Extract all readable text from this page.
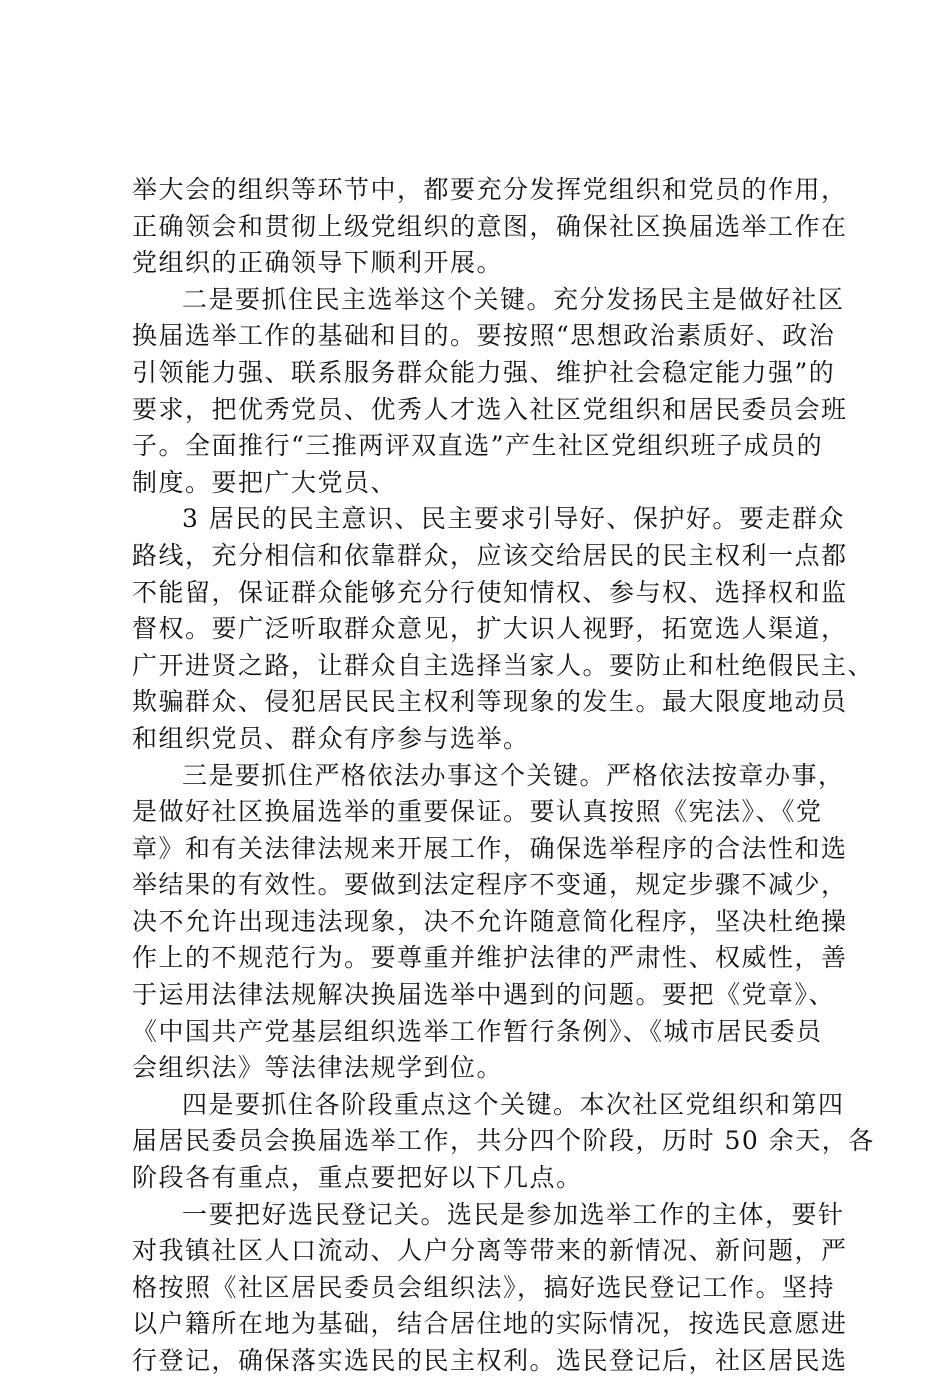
举大会的组织等环节中，都要充分发挥党组织和党员的作用，
正确领会和贯彻上级党组织的意图，确保社区换届选举工作在
党组织的正确领导下顺利开展。
二是要抓住民主选举这个关键。充分发扬民主是做好社区
换届选举工作的基础和目的。要按照“思想政治素质好、政治
引领能力强、联系服务群众能力强、维护社会稳定能力强”的
要求，把优秀党员、优秀人才选入社区党组织和居民委员会班
子。全面推行“三推两评双直选”产生社区党组织班子成员的
制度。要把广大党员、
3 居民的民主意识、民主要求引导好、保护好。要走群众
路线，充分相信和依靠群众，应该交给居民的民主权利一点都
不能留，保证群众能够充分行使知情权、参与权、选择权和监
督权。要广泛听取群众意见，扩大识人视野，拓宽选人渠道，
广开进贤之路，让群众自主选择当家人。要防止和杜绝假民主、
欺骗群众、侵犯居民民主权利等现象的发生。最大限度地动员
和组织党员、群众有序参与选举。
三是要抓住严格依法办事这个关键。严格依法按章办事，
是做好社区换届选举的重要保证。要认真按照《宪法》、《党
章》和有关法律法规来开展工作，确保选举程序的合法性和选
举结果的有效性。要做到法定程序不变通，规定步骤不减少，
决不允许出现违法现象，决不允许随意简化程序，坚决杜绝操
作上的不规范行为。要尊重并维护法律的严肃性、权威性，善
于运用法律法规解决换届选举中遇到的问题。要把《党章》、
《中国共产党基层组织选举工作暂行条例》、《城市居民委员
会组织法》等法律法规学到位。
四是要抓住各阶段重点这个关键。本次社区党组织和第四
届居民委员会换届选举工作，共分四个阶段，历时 50 余天，各
阶段各有重点，重点要把好以下几点。
一要把好选民登记关。选民是参加选举工作的主体，要针
对我镇社区人口流动、人户分离等带来的新情况、新问题，严
格按照《社区居民委员会组织法》，搞好选民登记工作。坚持
以户籍所在地为基础，结合居住地的实际情况，按选民意愿进
行登记，确保落实选民的民主权利。选民登记后，社区居民选
